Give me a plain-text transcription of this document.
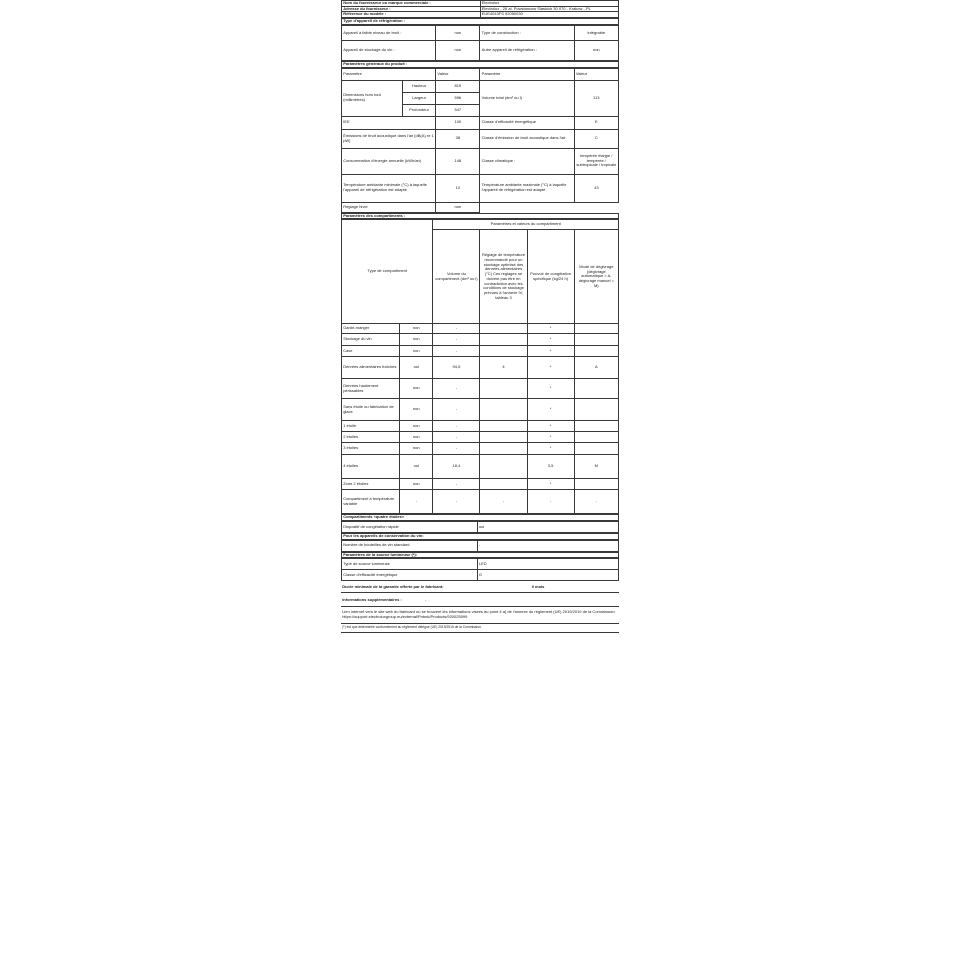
Nom du fournisseur ou marque commerciale :	Electrolux
Adresse du fournisseur :	Electrolux - 26 al. Powstancow Slaskich 30 070 - Krakow - PL
Référence du modèle :	EUE4043FS 92050030
Type d'appareil de réfrigération :
Appareil à faible niveau de bruit :	non	Type de construction :	intégrable
Appareil de stockage du vin :	non	Autre appareil de réfrigération :	non
Paramètres généraux du produit :
Paramètre		Valeur	Paramètre	Valeur
Dimensions hors tout (millimètres)	Hauteur	819	Volume total (dm³ ou l)	113
	Largeur	596		
	Profondeur	547		
IEE		100	Classe d'efficacité énergétique	E
Émissions de bruit acoustique dans l'air [dB(A) re 1 pW]		38	Classe d'émission de bruit acoustique dans l'air	C
Consommation d'énergie annuelle (kWh/an)		148	Classe climatique :	tempérée élargie / tempérée / subtropicale / tropicale
Température ambiante minimale (°C) à laquelle l'appareil de réfrigération est adapté		10	Température ambiante maximale (°C) à laquelle l'appareil de réfrigération est adapté	43
Réglage hiver		non		
Paramètres des compartiments :
Type de compartiment		Paramètres et valeurs du compartiment			
		Volume du compartiment (dm³ ou l)	Réglage de température recommandé pour un stockage optimisé des denrées alimentaires (°C) Ces réglages ne doivent pas être en contradiction avec les conditions de stockage prévues à l'annexe IV, tableau 3	Pouvoir de congélation spécifique (kg/24 h)	Mode de dégivrage (dégivrage automatique = A, dégivrage manuel = M)
Garde-manger	non	-		*	
Stockage du vin	non	-		*	
Cave	non	-		*	
Denrées alimentaires fraîches	oui	94,5	4	*	A
Denrées hautement périssables	non	-		*	
Sans étoile ou fabrication de glace	non	-		*	
1 étoile	non	-		*	
2 étoiles	non	-		*	
3 étoiles	non	-		*	
4 étoiles	oui	18,4		3,5	M
Zone 2 étoiles	non	-		*	
Compartiment à température variable	-	-	-	-	-
Compartiments «quatre étoiles»
Dispositif de congélation rapide	oui
Pour les appareils de conservation du vin:
Nombre de bouteilles de vin standard	-
Paramètres de la source lumineuse (*):
Type de source lumineuse	LED
Classe d'efficacité énergétique	G
Durée minimale de la garantie offerte par le fabricant:	0 mois
Informations supplémentaires :	-
Lien internet vers le site web du fabricant où se trouvent les informations visées au point 4 a) de l'annexe du règlement (UE) 2019/2019 de la Commission: https://support.electroluxgroup.eu/external/Pnbnk/Products/920025099
(*) est que déterminée conformément au règlement délégué (UE) 2019/2015 de la Commission.
